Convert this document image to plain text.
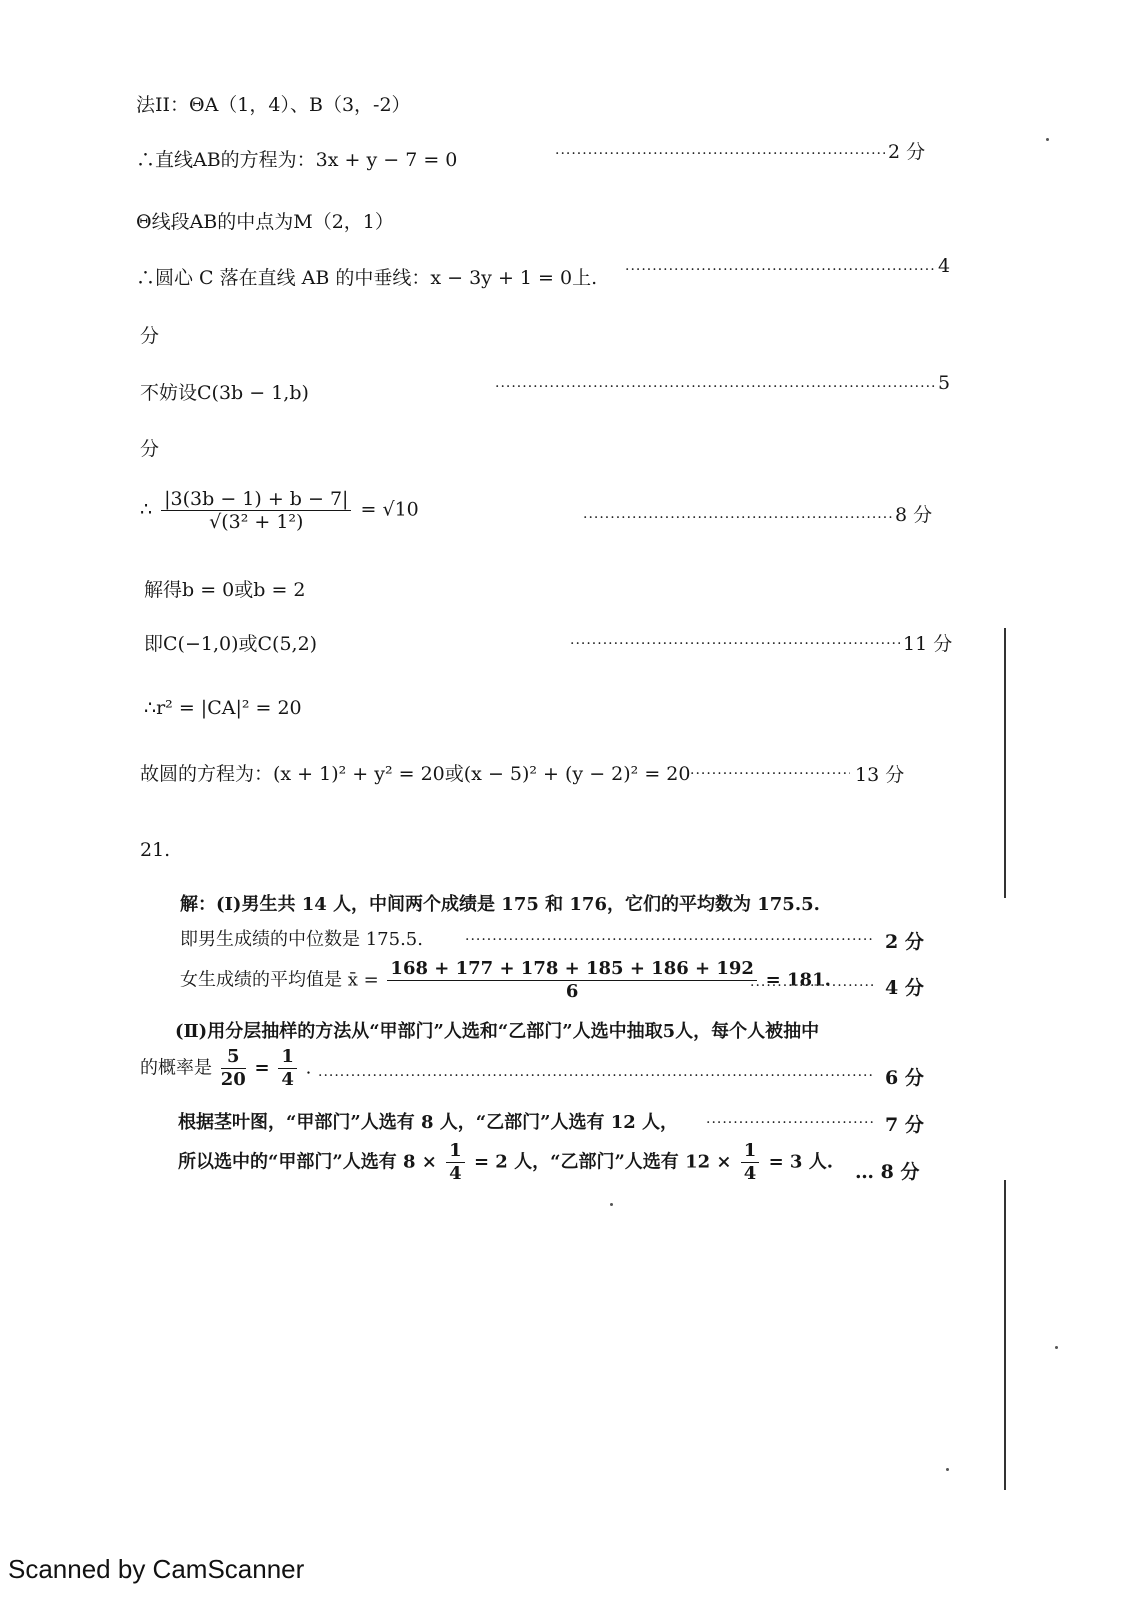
法II：ΘA（1，4）、B（3，-2）
∴直线AB的方程为：3x + y − 7 = 0 ·····	2 分
Θ线段AB的中点为M（2，1）
∴圆心 C 落在直线 AB 的中垂线：x − 3y + 1 = 0上.
·····
4
分
不妨设C(3b − 1,b) ·····	5
分
∴ $\frac{|3(3b - 1) + b - 7|}{\text{√(3² + 1²)}} = √10$ ·····	8 分
解得b = 0或b = 2
即C(−1,0)或C(5,2) ·····	11 分
∴r² = |CA|² = 20
故圆的方程为：(x + 1)² + y² = 20或(x − 5)² + (y − 2)² = 20 ·····	13 分
21.
解：(Ⅰ)男生共 14 人，中间两个成绩是 175 和 176，它们的平均数为 175.5.
即男生成绩的中位数是 175.5. ·····	2 分
女生成绩的平均值是 x̄ = $\frac{168 + 177 + 178 + 185 + 186 + 192}{6} = 181$. ·····	4 分
(Ⅱ)用分层抽样的方法从“甲部门”人选和“乙部门”人选中抽取5人，每个人被抽中
的概率是 $\frac{5}{20} = \frac{1}{4}$ . ·····	6 分
根据茎叶图，“甲部门”人选有 8 人，“乙部门”人选有 12 人， ·····	7 分
所以选中的“甲部门”人选有 $8 \times \frac{1}{4} = 2$ 人，“乙部门”人选有 $12 \times \frac{1}{4} = 3$ 人. … 8 分
Scanned by CamScanner
